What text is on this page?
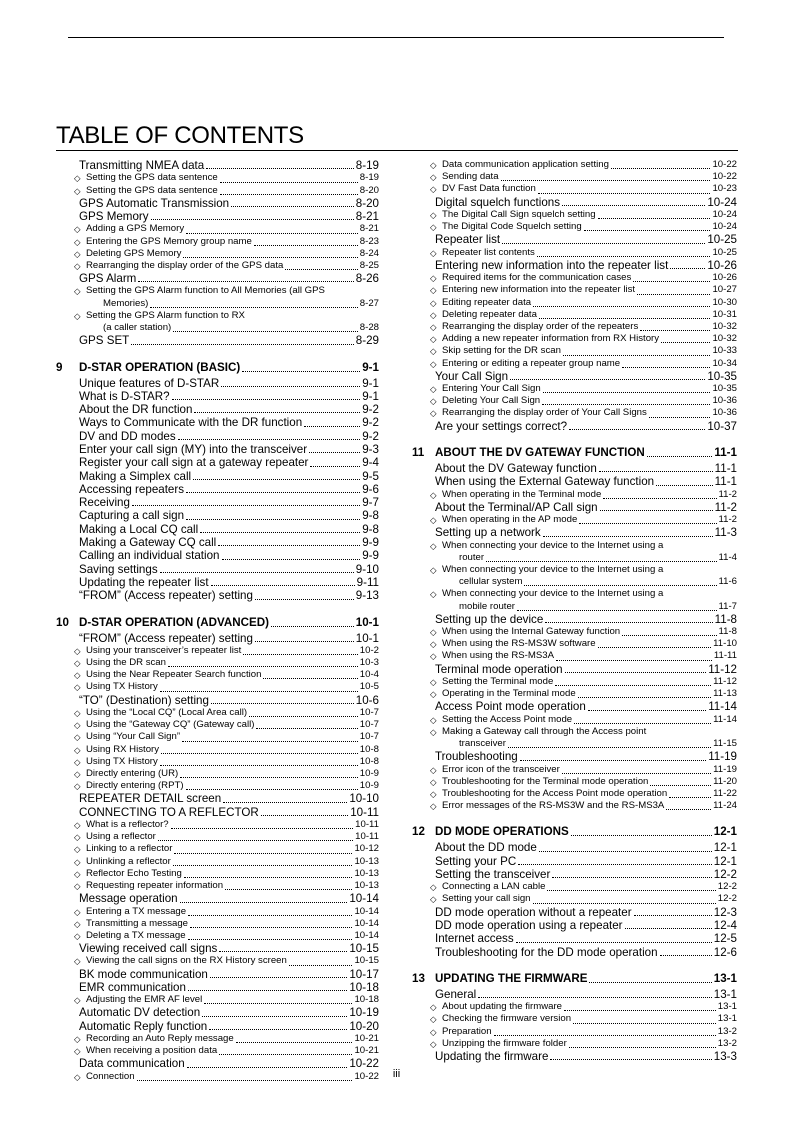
TABLE OF CONTENTS
Transmitting NMEA data	8-19
◇ Setting the GPS data sentence	8-19
◇ Setting the GPS data sentence	8-20
GPS Automatic Transmission	8-20
GPS Memory	8-21
◇ Adding a GPS Memory	8-21
◇ Entering the GPS Memory group name	8-23
◇ Deleting GPS Memory	8-24
◇ Rearranging the display order of the GPS data	8-25
GPS Alarm	8-26
◇ Setting the GPS Alarm function to All Memories (all GPS
Memories)	8-27
◇ Setting the GPS Alarm function to RX
(a caller station)	8-28
GPS SET	8-29
9 D-STAR OPERATION (BASIC)	9-1
Unique features of D-STAR	9-1
What is D-STAR?	9-1
About the DR function	9-2
Ways to Communicate with the DR function	9-2
DV and DD modes	9-2
Enter your call sign (MY) into the transceiver	9-3
Register your call sign at a gateway repeater	9-4
Making a Simplex call	9-5
Accessing repeaters	9-6
Receiving	9-7
Capturing a call sign	9-8
Making a Local CQ call	9-8
Making a Gateway CQ call	9-9
Calling an individual station	9-9
Saving settings	9-10
Updating the repeater list	9-11
“FROM” (Access repeater) setting	9-13
10 D-STAR OPERATION (ADVANCED)	10-1
“FROM” (Access repeater) setting	10-1
◇ Using your transceiver’s repeater list	10-2
◇ Using the DR scan	10-3
◇ Using the Near Repeater Search function	10-4
◇ Using TX History	10-5
“TO” (Destination) setting	10-6
◇ Using the “Local CQ” (Local Area call)	10-7
◇ Using the “Gateway CQ” (Gateway call)	10-7
◇ Using “Your Call Sign”	10-7
◇ Using RX History	10-8
◇ Using TX History	10-8
◇ Directly entering (UR)	10-9
◇ Directly entering (RPT)	10-9
REPEATER DETAIL screen	10-10
CONNECTING TO A REFLECTOR	10-11
◇ What is a reflector?	10-11
◇ Using a reflector	10-11
◇ Linking to a reflector	10-12
◇ Unlinking a reflector	10-13
◇ Reflector Echo Testing	10-13
◇ Requesting repeater information	10-13
Message operation	10-14
◇ Entering a TX message	10-14
◇ Transmitting a message	10-14
◇ Deleting a TX message	10-14
Viewing received call signs	10-15
◇ Viewing the call signs on the RX History screen	10-15
BK mode communication	10-17
EMR communication	10-18
◇ Adjusting the EMR AF level	10-18
Automatic DV detection	10-19
Automatic Reply function	10-20
◇ Recording an Auto Reply message	10-21
◇ When receiving a position data	10-21
Data communication	10-22
◇ Connection	10-22
◇ Data communication application setting	10-22
◇ Sending data	10-22
◇ DV Fast Data function	10-23
Digital squelch functions	10-24
◇ The Digital Call Sign squelch setting	10-24
◇ The Digital Code Squelch setting	10-24
Repeater list	10-25
◇ Repeater list contents	10-25
Entering new information into the repeater list	10-26
◇ Required items for the communication cases	10-26
◇ Entering new information into the repeater list	10-27
◇ Editing repeater data	10-30
◇ Deleting repeater data	10-31
◇ Rearranging the display order of the repeaters	10-32
◇ Adding a new repeater information from RX History	10-32
◇ Skip setting for the DR scan	10-33
◇ Entering or editing a repeater group name	10-34
Your Call Sign	10-35
◇ Entering Your Call Sign	10-35
◇ Deleting Your Call Sign	10-36
◇ Rearranging the display order of Your Call Signs	10-36
Are your settings correct?	10-37
11 ABOUT THE DV GATEWAY FUNCTION	11-1
About the DV Gateway function	11-1
When using the External Gateway function	11-1
◇ When operating in the Terminal mode	11-2
About the Terminal/AP Call sign	11-2
◇ When operating in the AP mode	11-2
Setting up a network	11-3
◇ When connecting your device to the Internet using a
router	11-4
◇ When connecting your device to the Internet using a
cellular system	11-6
◇ When connecting your device to the Internet using a
mobile router	11-7
Setting up the device	11-8
◇ When using the Internal Gateway function	11-8
◇ When using the RS-MS3W software	11-10
◇ When using the RS-MS3A	11-11
Terminal mode operation	11-12
◇ Setting the Terminal mode	11-12
◇ Operating in the Terminal mode	11-13
Access Point mode operation	11-14
◇ Setting the Access Point mode	11-14
◇ Making a Gateway call through the Access point
transceiver	11-15
Troubleshooting	11-19
◇ Error icon of the transceiver	11-19
◇ Troubleshooting for the Terminal mode operation	11-20
◇ Troubleshooting for the Access Point mode operation	11-22
◇ Error messages of the RS-MS3W and the RS-MS3A	11-24
12 DD MODE OPERATIONS	12-1
About the DD mode	12-1
Setting your PC	12-1
Setting the transceiver	12-2
◇ Connecting a LAN cable	12-2
◇ Setting your call sign	12-2
DD mode operation without a repeater	12-3
DD mode operation using a repeater	12-4
Internet access	12-5
Troubleshooting for the DD mode operation	12-6
13 UPDATING THE FIRMWARE	13-1
General	13-1
◇ About updating the firmware	13-1
◇ Checking the firmware version	13-1
◇ Preparation	13-2
◇ Unzipping the firmware folder	13-2
Updating the firmware	13-3
iii
